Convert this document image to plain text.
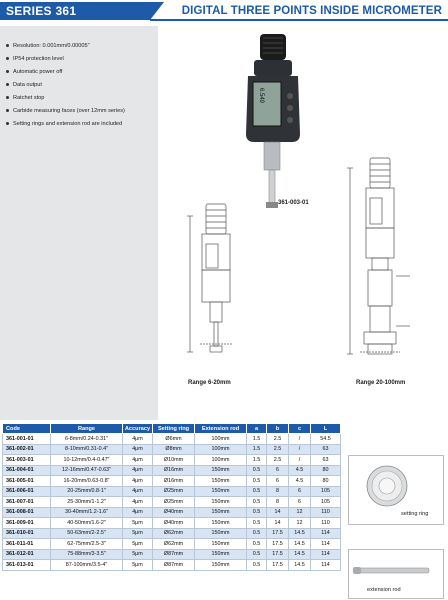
SERIES 361	DIGITAL THREE POINTS INSIDE MICROMETER
Resolution: 0.001mm/0.00005"
IP54 protection level
Automatic power off
Data output
Ratchet stop
Carbide measuring faces (over 12mm series)
Setting rings and extension rod are included
6.549
ACCUD
361-003-01
Range 6-20mm	Range 20-100mm
Code	Range	Accuracy	Setting ring	Extension rod	a	b	c	L
361-001-01	6-8mm/0.24-0.31"	4μm	Ø6mm	100mm	1.5	2.5	/	54.5
361-002-01	8-10mm/0.31-0.4"	4μm	Ø8mm	100mm	1.5	2.5	/	63
361-003-01	10-12mm/0.4-0.47"	4μm	Ø10mm	100mm	1.5	2.5	/	63
361-004-01	12-16mm/0.47-0.63"	4μm	Ø16mm	150mm	0.5	6	4.5	80
361-005-01	16-20mm/0.63-0.8"	4μm	Ø16mm	150mm	0.5	6	4.5	80
361-006-01	20-25mm/0.8-1"	4μm	Ø25mm	150mm	0.5	8	6	105
361-007-01	25-30mm/1-1.2"	4μm	Ø25mm	150mm	0.5	8	6	105
361-008-01	30-40mm/1.2-1.6"	4μm	Ø40mm	150mm	0.5	14	12	110
361-009-01	40-50mm/1.6-2"	5μm	Ø40mm	150mm	0.5	14	12	110
361-010-01	50-63mm/2-2.5"	5μm	Ø62mm	150mm	0.5	17.5	14.5	114
361-011-01	62-75mm/2.5-3"	5μm	Ø62mm	150mm	0.5	17.5	14.5	114
361-012-01	75-88mm/3-3.5"	5μm	Ø87mm	150mm	0.5	17.5	14.5	114
361-013-01	87-100mm/3.5-4"	5μm	Ø87mm	150mm	0.5	17.5	14.5	114
setting ring
extension rod
